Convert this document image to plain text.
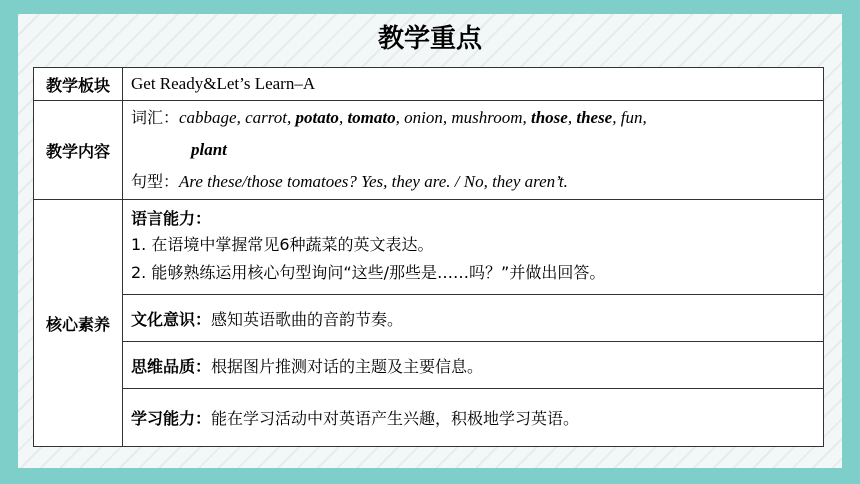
教学重点
教学板块	Get Ready&Let’s Learn–A
教学内容	词汇：cabbage, carrot, potato, tomato, onion, mushroom, those, these, fun,
plant
句型：Are these/those tomatoes? Yes, they are. / No, they aren’t.

核心素养	语言能力：
1. 在语境中掌握常见6种蔬菜的英文表达。
2. 能够熟练运用核心句型询问“这些/那些是……吗？”并做出回答。

	文化意识：感知英语歌曲的音韵节奏。
	思维品质：根据图片推测对话的主题及主要信息。
	学习能力：能在学习活动中对英语产生兴趣，积极地学习英语。
